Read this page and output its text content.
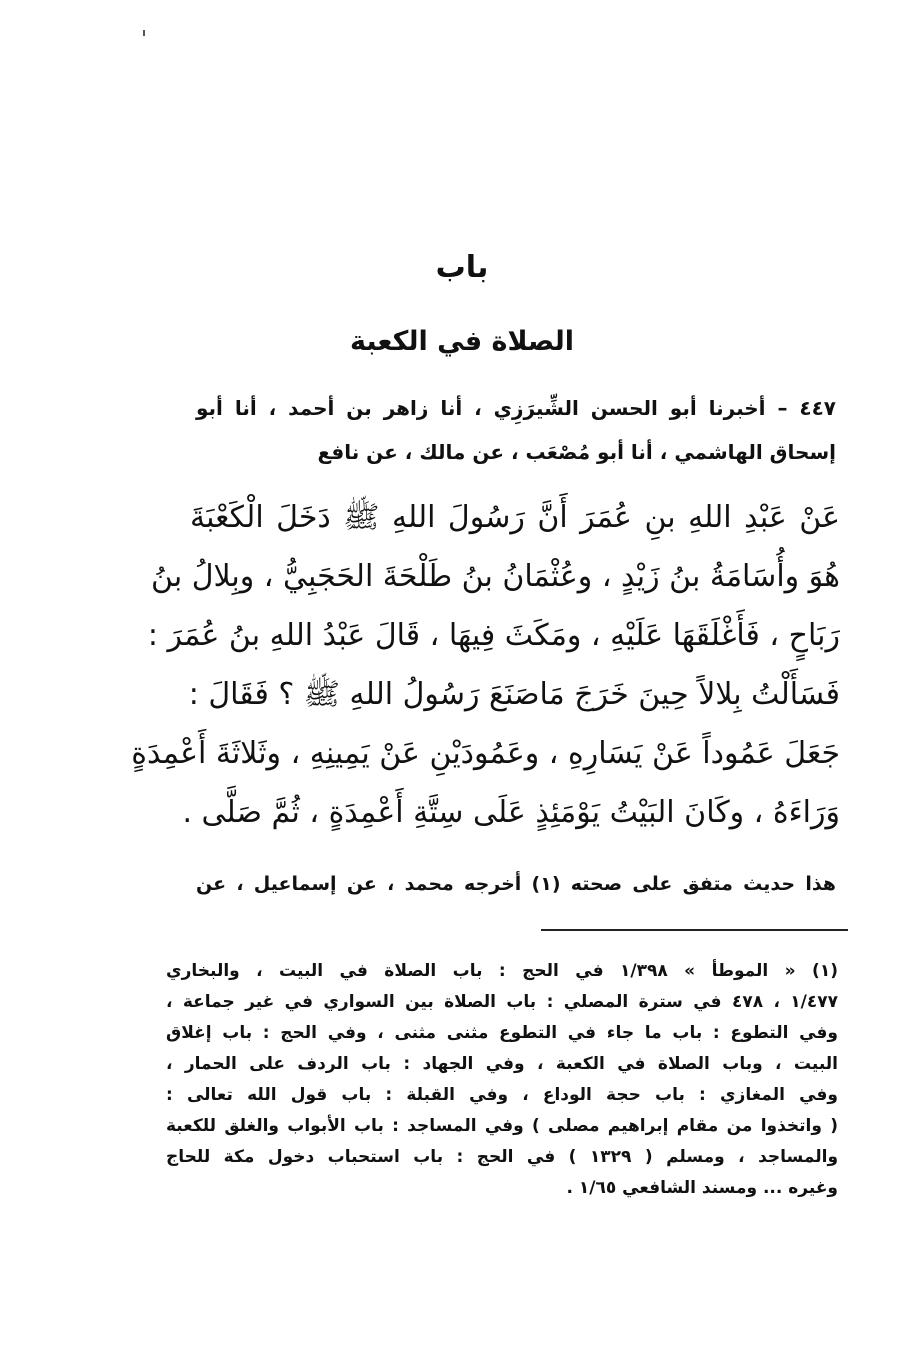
باب
الصلاة في الكعبة
٤٤٧ – أخبرنا أبو الحسن الشِّيرَزِي ، أنا زاهر بن أحمد ، أنا أبو إسحاق الهاشمي ، أنا أبو مُصْعَب ، عن مالك ، عن نافع
عَنْ عَبْدِ اللهِ بنِ عُمَرَ أَنَّ رَسُولَ اللهِ ﷺ دَخَلَ الْكَعْبَةَ
هُوَ وأُسَامَةُ بنُ زَيْدٍ ، وعُثْمَانُ بنُ طَلْحَةَ الحَجَبِيُّ ، وبِلالُ بنُ
رَبَاحٍ ، فَأَغْلَقَهَا عَلَيْهِ ، ومَكَثَ فِيهَا ، قَالَ عَبْدُ اللهِ بنُ عُمَرَ :
فَسَأَلْتُ بِلالاً حِينَ خَرَجَ مَاصَنَعَ رَسُولُ اللهِ ﷺ ؟ فَقَالَ :
جَعَلَ عَمُوداً عَنْ يَسَارِهِ ، وعَمُودَيْنِ عَنْ يَمِينِهِ ، وثَلاثَةَ أَعْمِدَةٍ
وَرَاءَهُ ، وكَانَ البَيْتُ يَوْمَئِذٍ عَلَى سِتَّةِ أَعْمِدَةٍ ، ثُمَّ صَلَّى .
هذا حديث متفق على صحته (١) أخرجه محمد ، عن إسماعيل ، عن
(١) « الموطأ » ١/٣٩٨ في الحج : باب الصلاة في البيت ، والبخاري
١/٤٧٧ ، ٤٧٨ في سترة المصلي : باب الصلاة بين السواري في غير جماعة ،
وفي التطوع : باب ما جاء في التطوع مثنى مثنى ، وفي الحج : باب إغلاق
البيت ، وباب الصلاة في الكعبة ، وفي الجهاد : باب الردف على الحمار ،
وفي المغازي : باب حجة الوداع ، وفي القبلة : باب قول الله تعالى :
( واتخذوا من مقام إبراهيم مصلى ) وفي المساجد : باب الأبواب والغلق للكعبة
والمساجد ، ومسلم ( ١٣٢٩ ) في الحج : باب استحباب دخول مكة للحاج
وغيره ... ومسند الشافعي ١/٦٥ .
